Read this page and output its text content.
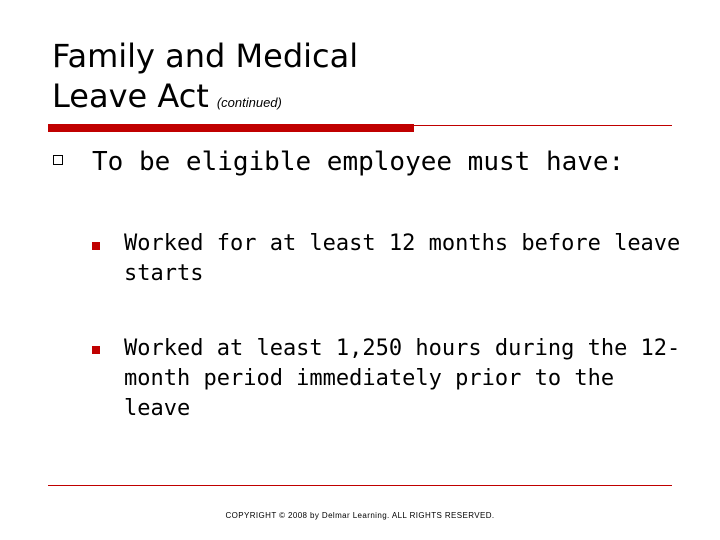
Family and Medical
Leave Act (continued)
To be eligible employee must have:
Worked for at least 12 months before leave starts
Worked at least 1,250 hours during the 12-month period immediately prior to the leave
COPYRIGHT © 2008 by Delmar Learning. ALL RIGHTS RESERVED.
